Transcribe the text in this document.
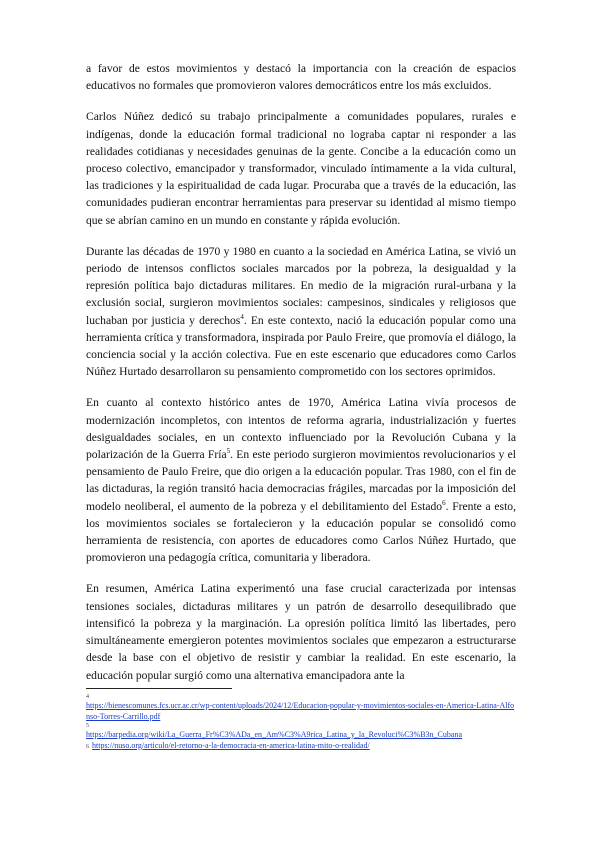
a favor de estos movimientos y destacó la importancia con la creación de espacios educativos no formales que promovieron valores democráticos entre los más excluidos.

Carlos Núñez dedicó su trabajo principalmente a comunidades populares, rurales e indígenas, donde la educación formal tradicional no lograba captar ni responder a las realidades cotidianas y necesidades genuinas de la gente. Concibe a la educación como un proceso colectivo, emancipador y transformador, vinculado íntimamente a la vida cultural, las tradiciones y la espiritualidad de cada lugar. Procuraba que a través de la educación, las comunidades pudieran encontrar herramientas para preservar su identidad al mismo tiempo que se abrían camino en un mundo en constante y rápida evolución.

Durante las décadas de 1970 y 1980 en cuanto a la sociedad en América Latina, se vivió un periodo de intensos conflictos sociales marcados por la pobreza, la desigualdad y la represión política bajo dictaduras militares. En medio de la migración rural-urbana y la exclusión social, surgieron movimientos sociales: campesinos, sindicales y religiosos que luchaban por justicia y derechos$^4$. En este contexto, nació la educación popular como una herramienta crítica y transformadora, inspirada por Paulo Freire, que promovía el diálogo, la conciencia social y la acción colectiva. Fue en este escenario que educadores como Carlos Núñez Hurtado desarrollaron su pensamiento comprometido con los sectores oprimidos.

En cuanto al contexto histórico antes de 1970, América Latina vivía procesos de modernización incompletos, con intentos de reforma agraria, industrialización y fuertes desigualdades sociales, en un contexto influenciado por la Revolución Cubana y la polarización de la Guerra Fría$^5$. En este periodo surgieron movimientos revolucionarios y el pensamiento de Paulo Freire, que dio origen a la educación popular. Tras 1980, con el fin de las dictaduras, la región transitó hacia democracias frágiles, marcadas por la imposición del modelo neoliberal, el aumento de la pobreza y el debilitamiento del Estado$^6$. Frente a esto, los movimientos sociales se fortalecieron y la educación popular se consolidó como herramienta de resistencia, con aportes de educadores como Carlos Núñez Hurtado, que promovieron una pedagogía crítica, comunitaria y liberadora.

En resumen, América Latina experimentó una fase crucial caracterizada por intensas tensiones sociales, dictaduras militares y un patrón de desarrollo desequilibrado que intensificó la pobreza y la marginación. La opresión política limitó las libertades, pero simultáneamente emergieron potentes movimientos sociales que empezaron a estructurarse desde la base con el objetivo de resistir y cambiar la realidad. En este escenario, la educación popular surgió como una alternativa emancipadora ante la

4
https://bienescomunes.fcs.ucr.ac.cr/wp-content/uploads/2024/12/Educacion-popular-y-movimientos-sociales-en-America-Latina-Alfonso-Torres-Carrillo.pdf
5
https://barpedia.org/wiki/La_Guerra_Fr%C3%ADa_en_Am%C3%A9rica_Latina_y_la_Revoluci%C3%B3n_Cubana
6 https://nuso.org/articulo/el-retorno-a-la-democracia-en-america-latina-mito-o-realidad/
